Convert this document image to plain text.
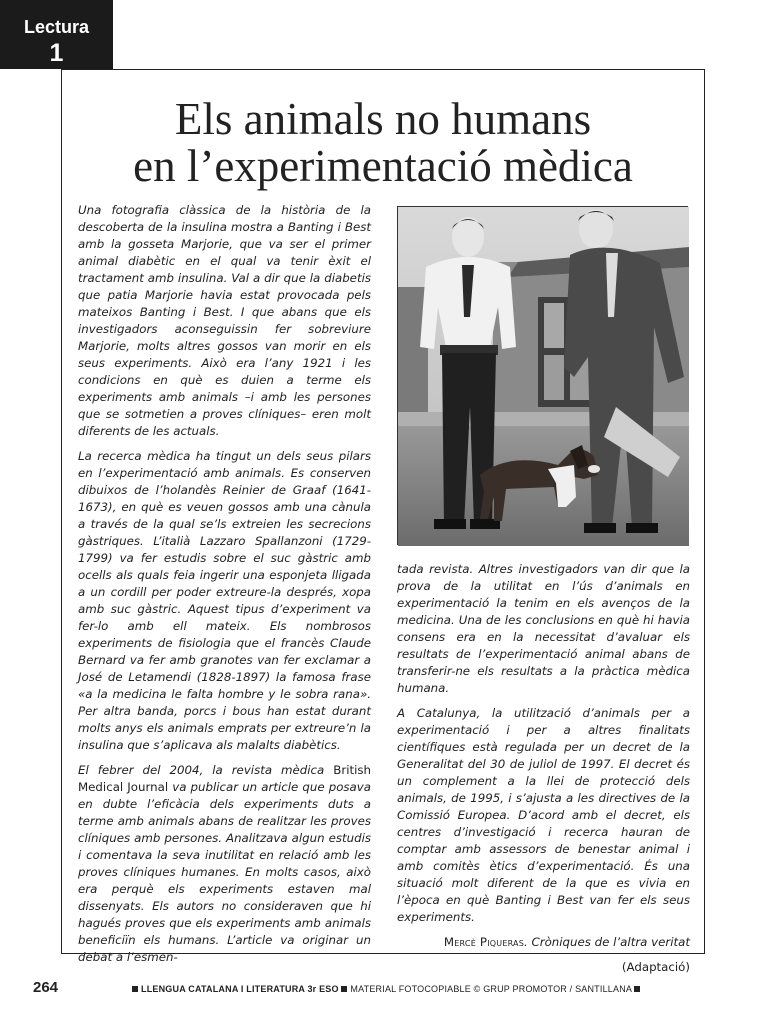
Lectura
1
Els animals no humans
en l’experimentació mèdica

Una fotografia clàssica de la història de la descoberta de la insulina mostra a Banting i Best amb la gosseta Marjorie, que va ser el primer animal diabètic en el qual va tenir èxit el tractament amb insulina. Val a dir que la diabetis que patia Marjorie havia estat provocada pels mateixos Banting i Best. I que abans que els investigadors aconseguissin fer sobreviure Marjorie, molts altres gossos van morir en els seus experiments. Això era l’any 1921 i les condicions en què es duien a terme els experiments amb animals –i amb les persones que se sotmetien a proves clíniques– eren molt diferents de les actuals.

La recerca mèdica ha tingut un dels seus pilars en l’experimentació amb animals. Es conserven dibuixos de l’holandès Reinier de Graaf (1641-1673), en què es veuen gossos amb una cànula a través de la qual se’ls extreien les secrecions gàstriques. L’italià Lazzaro Spallanzoni (1729-1799) va fer estudis sobre el suc gàstric amb ocells als quals feia ingerir una esponjeta lligada a un cordill per poder extreure-la després, xopa amb suc gàstric. Aquest tipus d’experiment va fer-lo amb ell mateix. Els nombrosos experiments de fisiologia que el francès Claude Bernard va fer amb granotes van fer exclamar a José de Letamendi (1828-1897) la famosa frase «a la medicina le falta hombre y le sobra rana». Per altra banda, porcs i bous han estat durant molts anys els animals emprats per extreure’n la insulina que s’aplicava als malalts diabètics.

El febrer del 2004, la revista mèdica British Medical Journal va publicar un article que posava en dubte l’eficàcia dels experiments duts a terme amb animals abans de realitzar les proves clíniques amb persones. Analitzava algun estudis i comentava la seva inutilitat en relació amb les proves clíniques humanes. En molts casos, això era perquè els experiments estaven mal dissenyats. Els autors no consideraven que hi hagués proves que els experiments amb animals beneficiïn els humans. L’article va originar un debat a l’esmen-

tada revista. Altres investigadors van dir que la prova de la utilitat en l’ús d’animals en experimentació la tenim en els avenços de la medicina. Una de les conclusions en què hi havia consens era en la necessitat d’avaluar els resultats de l’experimentació animal abans de transferir-ne els resultats a la pràctica mèdica humana.

A Catalunya, la utilització d’animals per a experimentació i per a altres finalitats científiques està regulada per un decret de la Generalitat del 30 de juliol de 1997. El decret és un complement a la llei de protecció dels animals, de 1995, i s’ajusta a les directives de la Comissió Europea. D’acord amb el decret, els centres d’investigació i recerca hauran de comptar amb assessors de benestar animal i amb comitès ètics d’experimentació. És una situació molt diferent de la que es vivia en l’època en què Banting i Best van fer els seus experiments.

Mercè Piqueras. Cròniques de l’altra veritat

(Adaptació)
264	LLENGUA CATALANA I LITERATURA 3r ESO MATERIAL FOTOCOPIABLE © GRUP PROMOTOR / SANTILLANA
